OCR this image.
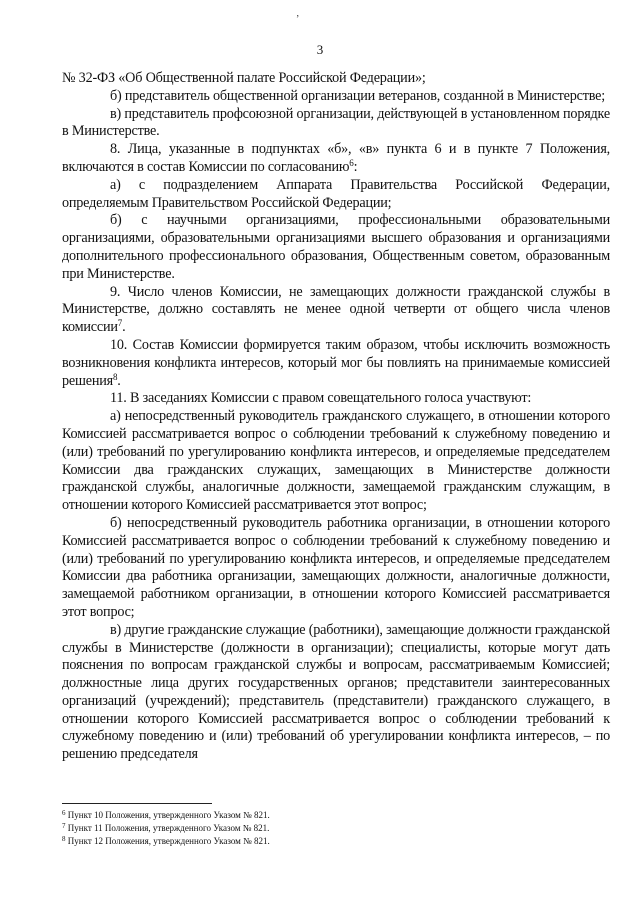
’
3

№ 32-ФЗ «Об Общественной палате Российской Федерации»;

б) представитель общественной организации ветеранов, созданной в Министерстве;

в) представитель профсоюзной организации, действующей в установленном порядке в Министерстве.

8. Лица, указанные в подпунктах «б», «в» пункта 6 и в пункте 7 Положения, включаются в состав Комиссии по согласованию$^6$:

а) с подразделением Аппарата Правительства Российской Федерации, определяемым Правительством Российской Федерации;

б) с научными организациями, профессиональными образовательными организациями, образовательными организациями высшего образования и организациями дополнительного профессионального образования, Общественным советом, образованным при Министерстве.

9. Число членов Комиссии, не замещающих должности гражданской службы в Министерстве, должно составлять не менее одной четверти от общего числа членов комиссии$^7$.

10. Состав Комиссии формируется таким образом, чтобы исключить возможность возникновения конфликта интересов, который мог бы повлиять на принимаемые комиссией решения$^8$.

11. В заседаниях Комиссии с правом совещательного голоса участвуют:

а) непосредственный руководитель гражданского служащего, в отношении которого Комиссией рассматривается вопрос о соблюдении требований к служебному поведению и (или) требований по урегулированию конфликта интересов, и определяемые председателем Комиссии два гражданских служащих, замещающих в Министерстве должности гражданской службы, аналогичные должности, замещаемой гражданским служащим, в отношении которого Комиссией рассматривается этот вопрос;

б) непосредственный руководитель работника организации, в отношении которого Комиссией рассматривается вопрос о соблюдении требований к служебному поведению и (или) требований по урегулированию конфликта интересов, и определяемые председателем Комиссии два работника организации, замещающих должности, аналогичные должности, замещаемой работником организации, в отношении которого Комиссией рассматривается этот вопрос;

в) другие гражданские служащие (работники), замещающие должности гражданской службы в Министерстве (должности в организации); специалисты, которые могут дать пояснения по вопросам гражданской службы и вопросам, рассматриваемым Комиссией; должностные лица других государственных органов; представители заинтересованных организаций (учреждений); представитель (представители) гражданского служащего, в отношении которого Комиссией рассматривается вопрос о соблюдении требований к служебному поведению и (или) требований об урегулировании конфликта интересов, – по решению председателя

$^6$ Пункт 10 Положения, утвержденного Указом № 821.
$^7$ Пункт 11 Положения, утвержденного Указом № 821.
$^8$ Пункт 12 Положения, утвержденного Указом № 821.
